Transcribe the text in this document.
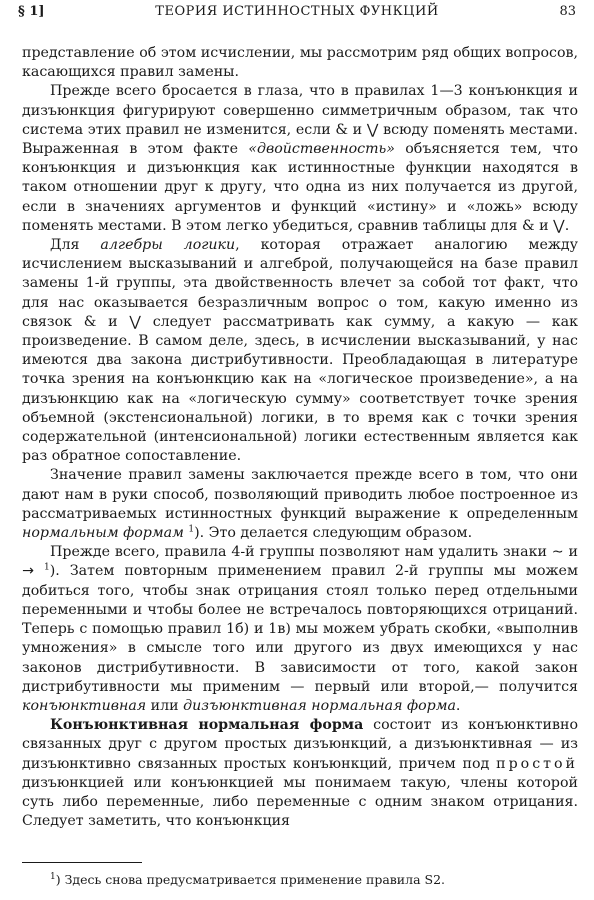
§ 1]	ТЕОРИЯ ИСТИННОСТНЫХ ФУНКЦИЙ	83

представление об этом исчислении, мы рассмотрим ряд общих вопросов, касающихся правил замены.

Прежде всего бросается в глаза, что в правилах 1—3 конъюнкция и дизъюнкция фигурируют совершенно симметричным образом, так что система этих правил не изменится, если & и ⋁ всюду поменять местами. Выраженная в этом факте «двойственность» объясняется тем, что конъюнкция и дизъюнкция как истинностные функции находятся в таком отношении друг к другу, что одна из них получается из другой, если в значениях аргументов и функций «истину» и «ложь» всюду поменять местами. В этом легко убедиться, сравнив таблицы для & и ⋁.

Для алгебры логики, которая отражает аналогию между исчислением высказываний и алгеброй, получающейся на базе правил замены 1-й группы, эта двойственность влечет за собой тот факт, что для нас оказывается безразличным вопрос о том, какую именно из связок & и ⋁ следует рассматривать как сумму, а какую — как произведение. В самом деле, здесь, в исчислении высказываний, у нас имеются два закона дистрибутивности. Преобладающая в литературе точка зрения на конъюнкцию как на «логическое произведение», а на дизъюнкцию как на «логическую сумму» соответствует точке зрения объемной (экстенсиональной) логики, в то время как с точки зрения содержательной (интенсиональной) логики естественным является как раз обратное сопоставление.

Значение правил замены заключается прежде всего в том, что они дают нам в руки способ, позволяющий приводить любое построенное из рассматриваемых истинностных функций выражение к определенным нормальным формам $^1$). Это делается следующим образом.

Прежде всего, правила 4-й группы позволяют нам удалить знаки ∼ и → $^1$). Затем повторным применением правил 2-й группы мы можем добиться того, чтобы знак отрицания стоял только перед отдельными переменными и чтобы более не встречалось повторяющихся отрицаний. Теперь с помощью правил 1б) и 1в) мы можем убрать скобки, «выполнив умножения» в смысле того или другого из двух имеющихся у нас законов дистрибутивности. В зависимости от того, какой закон дистрибутивности мы применим — первый или второй,— получится конъюнктивная или дизъюнктивная нормальная форма.

Конъюнктивная нормальная форма состоит из конъюнктивно связанных друг с другом простых дизъюнкций, а дизъюнктивная — из дизъюнктивно связанных простых конъюнкций, причем под простой дизъюнкцией или конъюнкцией мы понимаем такую, члены которой суть либо переменные, либо переменные с одним знаком отрицания. Следует заметить, что конъюнкция

$^1$) Здесь снова предусматривается применение правила S2.
